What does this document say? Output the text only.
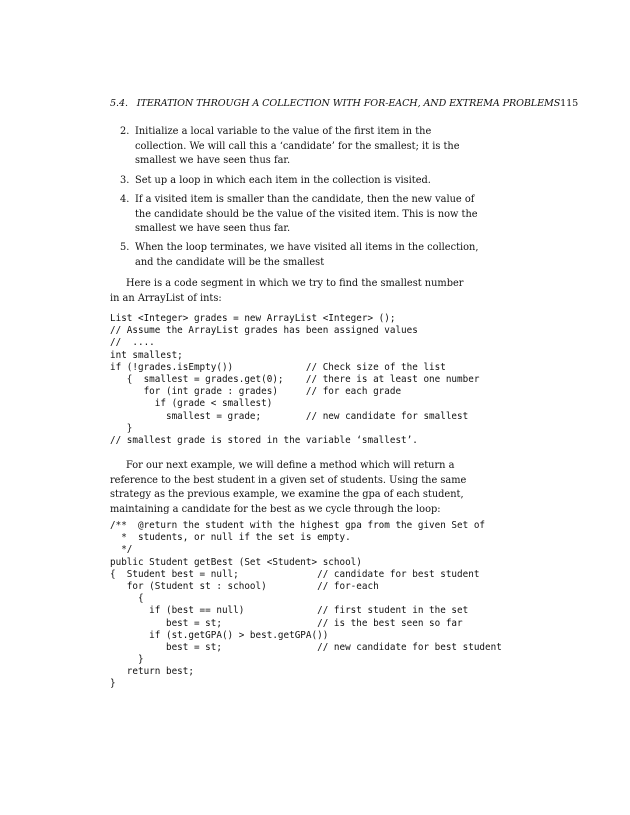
5.4. ITERATION THROUGH A COLLECTION WITH FOR-EACH, AND EXTREMA PROBLEMS115
2. Initialize a local variable to the value of the first item in the collection. We will call this a ‘candidate’ for the smallest; it is the smallest we have seen thus far.
3. Set up a loop in which each item in the collection is visited.
4. If a visited item is smaller than the candidate, then the new value of the candidate should be the value of the visited item. This is now the smallest we have seen thus far.
5. When the loop terminates, we have visited all items in the collection, and the candidate will be the smallest
Here is a code segment in which we try to find the smallest number in an ArrayList of ints:
List <Integer> grades = new ArrayList <Integer> ();
// Assume the ArrayList grades has been assigned values
//  ....
int smallest;
if (!grades.isEmpty())             // Check size of the list
{  smallest = grades.get(0);    // there is at least one number
for (int grade : grades)     // for each grade
if (grade < smallest)
smallest = grade;        // new candidate for smallest
}
// smallest grade is stored in the variable ‘smallest’.
For our next example, we will define a method which will return a reference to the best student in a given set of students. Using the same strategy as the previous example, we examine the gpa of each student, maintaining a candidate for the best as we cycle through the loop:
/**  @return the student with the highest gpa from the given Set of
*  students, or null if the set is empty.
*/
public Student getBest (Set <Student> school)
{  Student best = null;              // candidate for best student
for (Student st : school)         // for-each
{
if (best == null)             // first student in the set
best = st;                 // is the best seen so far
if (st.getGPA() > best.getGPA())
best = st;                 // new candidate for best student
}
return best;
}
